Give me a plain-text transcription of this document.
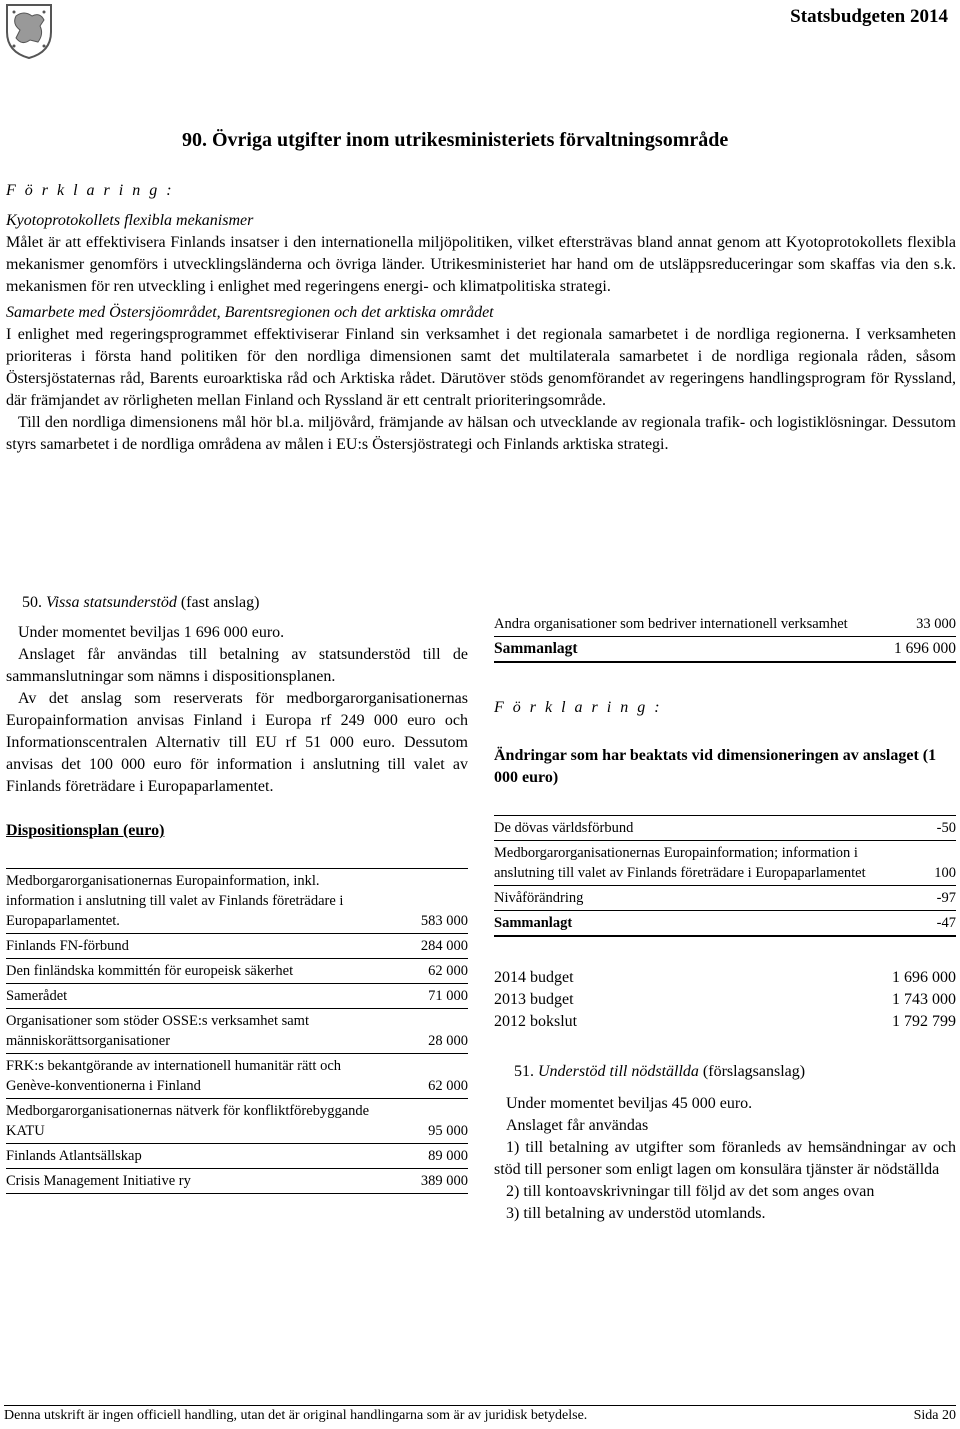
Statsbudgeten 2014
90. Övriga utgifter inom utrikesministeriets förvaltningsområde
F ö r k l a r i n g :

Kyotoprotokollets flexibla mekanismer

Målet är att effektivisera Finlands insatser i den internationella miljöpolitiken, vilket eftersträvas bland annat genom att Kyotoprotokollets flexibla mekanismer genomförs i utvecklingsländerna och övriga länder. Utrikesministeriet har hand om de utsläppsreduceringar som skaffas via den s.k. mekanismen för ren utveckling i enlighet med regeringens energi- och klimatpolitiska strategi.

Samarbete med Östersjöområdet, Barentsregionen och det arktiska området

I enlighet med regeringsprogrammet effektiviserar Finland sin verksamhet i det regionala samarbetet i de nordliga regionerna. I verksamheten prioriteras i första hand politiken för den nordliga dimensionen samt det multilaterala samarbetet i de nordliga regionala råden, såsom Östersjöstaternas råd, Barents euroarktiska råd och Arktiska rådet. Därutöver stöds genomförandet av regeringens handlingsprogram för Ryssland, där främjandet av rörligheten mellan Finland och Ryssland är ett centralt prioriteringsområde.

Till den nordliga dimensionens mål hör bl.a. miljövård, främjande av hälsan och utvecklande av regionala trafik- och logistiklösningar. Dessutom styrs samarbetet i de nordliga områdena av målen i EU:s Östersjöstrategi och Finlands arktiska strategi.

50. Vissa statsunderstöd (fast anslag)

Under momentet beviljas 1 696 000 euro.

Anslaget får användas till betalning av statsunderstöd till de sammanslutningar som nämns i dispositionsplanen.

Av det anslag som reserverats för medborgarorganisationernas Europainformation anvisas Finland i Europa rf 249 000 euro och Informationscentralen Alternativ till EU rf 51 000 euro. Dessutom anvisas det 100 000 euro för information i anslutning till valet av Finlands företrädare i Europaparlamentet.

Dispositionsplan (euro)
Medborgarorganisationernas Europainformation, inkl. information i anslutning till valet av Finlands företrädare i Europaparlamentet.	583 000
Finlands FN-förbund	284 000
Den finländska kommittén för europeisk säkerhet	62 000
Samerådet	71 000
Organisationer som stöder OSSE:s verksamhet samt människorättsorganisationer	28 000
FRK:s bekantgörande av internationell humanitär rätt och Genève-konventionerna i Finland	62 000
Medborgarorganisationernas nätverk för konfliktförebyggande KATU	95 000
Finlands Atlantsällskap	89 000
Crisis Management Initiative ry	389 000
Andra organisationer som bedriver internationell verksamhet	33 000
Sammanlagt	1 696 000
F ö r k l a r i n g :
Ändringar som har beaktats vid dimensioneringen av anslaget (1 000 euro)
De dövas världsförbund	-50
Medborgarorganisationernas Europainformation; information i anslutning till valet av Finlands företrädare i Europaparlamentet	100
Nivåförändring	-97
Sammanlagt	-47
2014 budget	1 696 000
2013 budget	1 743 000
2012 bokslut	1 792 799
51. Understöd till nödställda (förslagsanslag)

Under momentet beviljas 45 000 euro.

Anslaget får användas

1) till betalning av utgifter som föranleds av hemsändningar av och stöd till personer som enligt lagen om konsulära tjänster är nödställda

2) till kontoavskrivningar till följd av det som anges ovan

3) till betalning av understöd utomlands.

Denna utskrift är ingen officiell handling, utan det är original handlingarna som är av juridisk betydelse.	Sida 20
